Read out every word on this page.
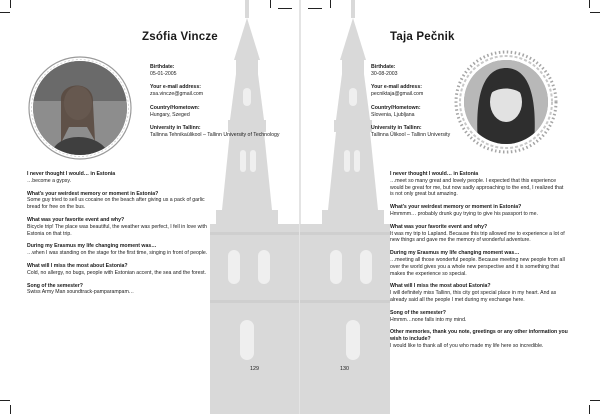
Zsófia Vincze
Birthdate:
05-01-2005
Your e-mail address:
zsa.vincze@gmail.com
Country/Hometown:
Hungary, Szeged
University in Tallinn:
Tallinna Tehnikaülikool – Tallinn University of Technology
I never thought I would… in Estonia
…become a gypsy.
What’s your weirdest memory or moment in Estonia?
Some guy tried to sell us cocaine on the beach after giving us a pack of garlic bread for free on the bus.
What was your favorite event and why?
Bicycle trip! The place was beautiful, the weather was perfect, I fell in love with Estonia on that trip.
During my Erasmus my life changing moment was…
…when I was standing on the stage for the first time, singing in front of people.
What will I miss the most about Estonia?
Cold, no allergy, no bugs, people with Estonian accent, the sea and the forest.
Song of the semester?
Swiss Army Man soundtrack-pamparampam…
129
Taja Pečnik
Birthdate:
30-08-2003
Your e-mail address:
pecniktaja@gmail.com
Country/Hometown:
Slovenia, Ljubljana
University in Tallinn:
Tallinna Ülikool – Tallinn University
I never thought I would… in Estonia
…meet so many great and lovely people. I expected that this experience would be great for me, but now sadly approaching to the end, I realized that is not only great but amazing.
What’s your weirdest memory or moment in Estonia?
Hmmmm… probably drunk guy trying to give his passport to me.
What was your favorite event and why?
It was my trip to Lapland. Because this trip allowed me to experience a lot of new things and gave me the memory of wonderful adventure.
During my Erasmus my life changing moment was…
…meeting all those wonderful people. Because meeting new people from all over the world gives you a whole new perspective and it is something that makes the experience so special.
What will I miss the most about Estonia?
I will definitely miss Tallinn, this city got special place in my heart. And as already said all the people I met during my exchange here.
Song of the semester?
Hmmm…none falls into my mind.
Other memories, thank you note, greetings or any other information you wish to include?
I would like to thank all of you who made my life here so incredible.
130
